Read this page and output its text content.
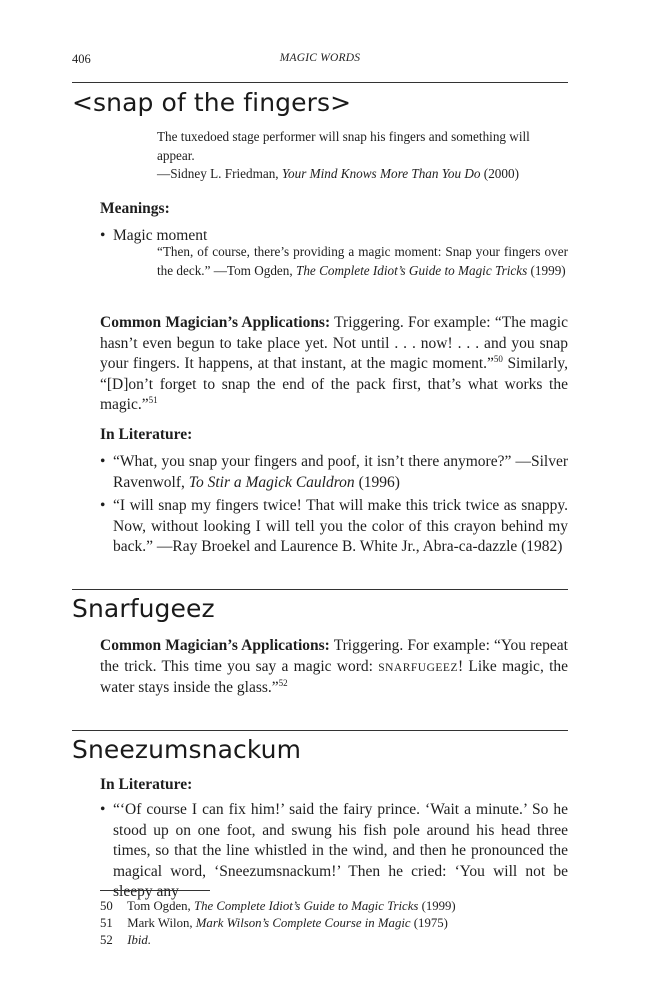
406	MAGIC WORDS
<snap of the fingers>

The tuxedoed stage performer will snap his fingers and something will appear.
—Sidney L. Friedman, Your Mind Knows More Than You Do (2000)

Meanings:

• Magic moment

“Then, of course, there’s providing a magic moment: Snap your fingers over the deck.” —Tom Ogden, The Complete Idiot’s Guide to Magic Tricks (1999)

Common Magician’s Applications: Triggering. For example: “The magic hasn’t even begun to take place yet. Not until . . . now! . . . and you snap your fingers. It happens, at that instant, at the magic moment.”$^{50}$ Similarly, “[D]on’t forget to snap the end of the pack first, that’s what works the magic.”$^{51}$

In Literature:

• “What, you snap your fingers and poof, it isn’t there anymore?” —Silver Ravenwolf, To Stir a Magick Cauldron (1996)

• “I will snap my fingers twice! That will make this trick twice as snappy. Now, without looking I will tell you the color of this crayon behind my back.” —Ray Broekel and Laurence B. White Jr., Abra-ca-dazzle (1982)

Snarfugeez

Common Magician’s Applications: Triggering. For example: “You repeat the trick. This time you say a magic word: SNARFUGEEZ! Like magic, the water stays inside the glass.”$^{52}$

Sneezumsnackum
In Literature:

• “‘Of course I can fix him!’ said the fairy prince. ‘Wait a minute.’ So he stood up on one foot, and swung his fish pole around his head three times, so that the line whistled in the wind, and then he pronounced the magical word, ‘Sneezumsnackum!’ Then he cried: ‘You will not be sleepy any

50 Tom Ogden, The Complete Idiot’s Guide to Magic Tricks (1999)

51 Mark Wilon, Mark Wilson’s Complete Course in Magic (1975)

52 Ibid.
